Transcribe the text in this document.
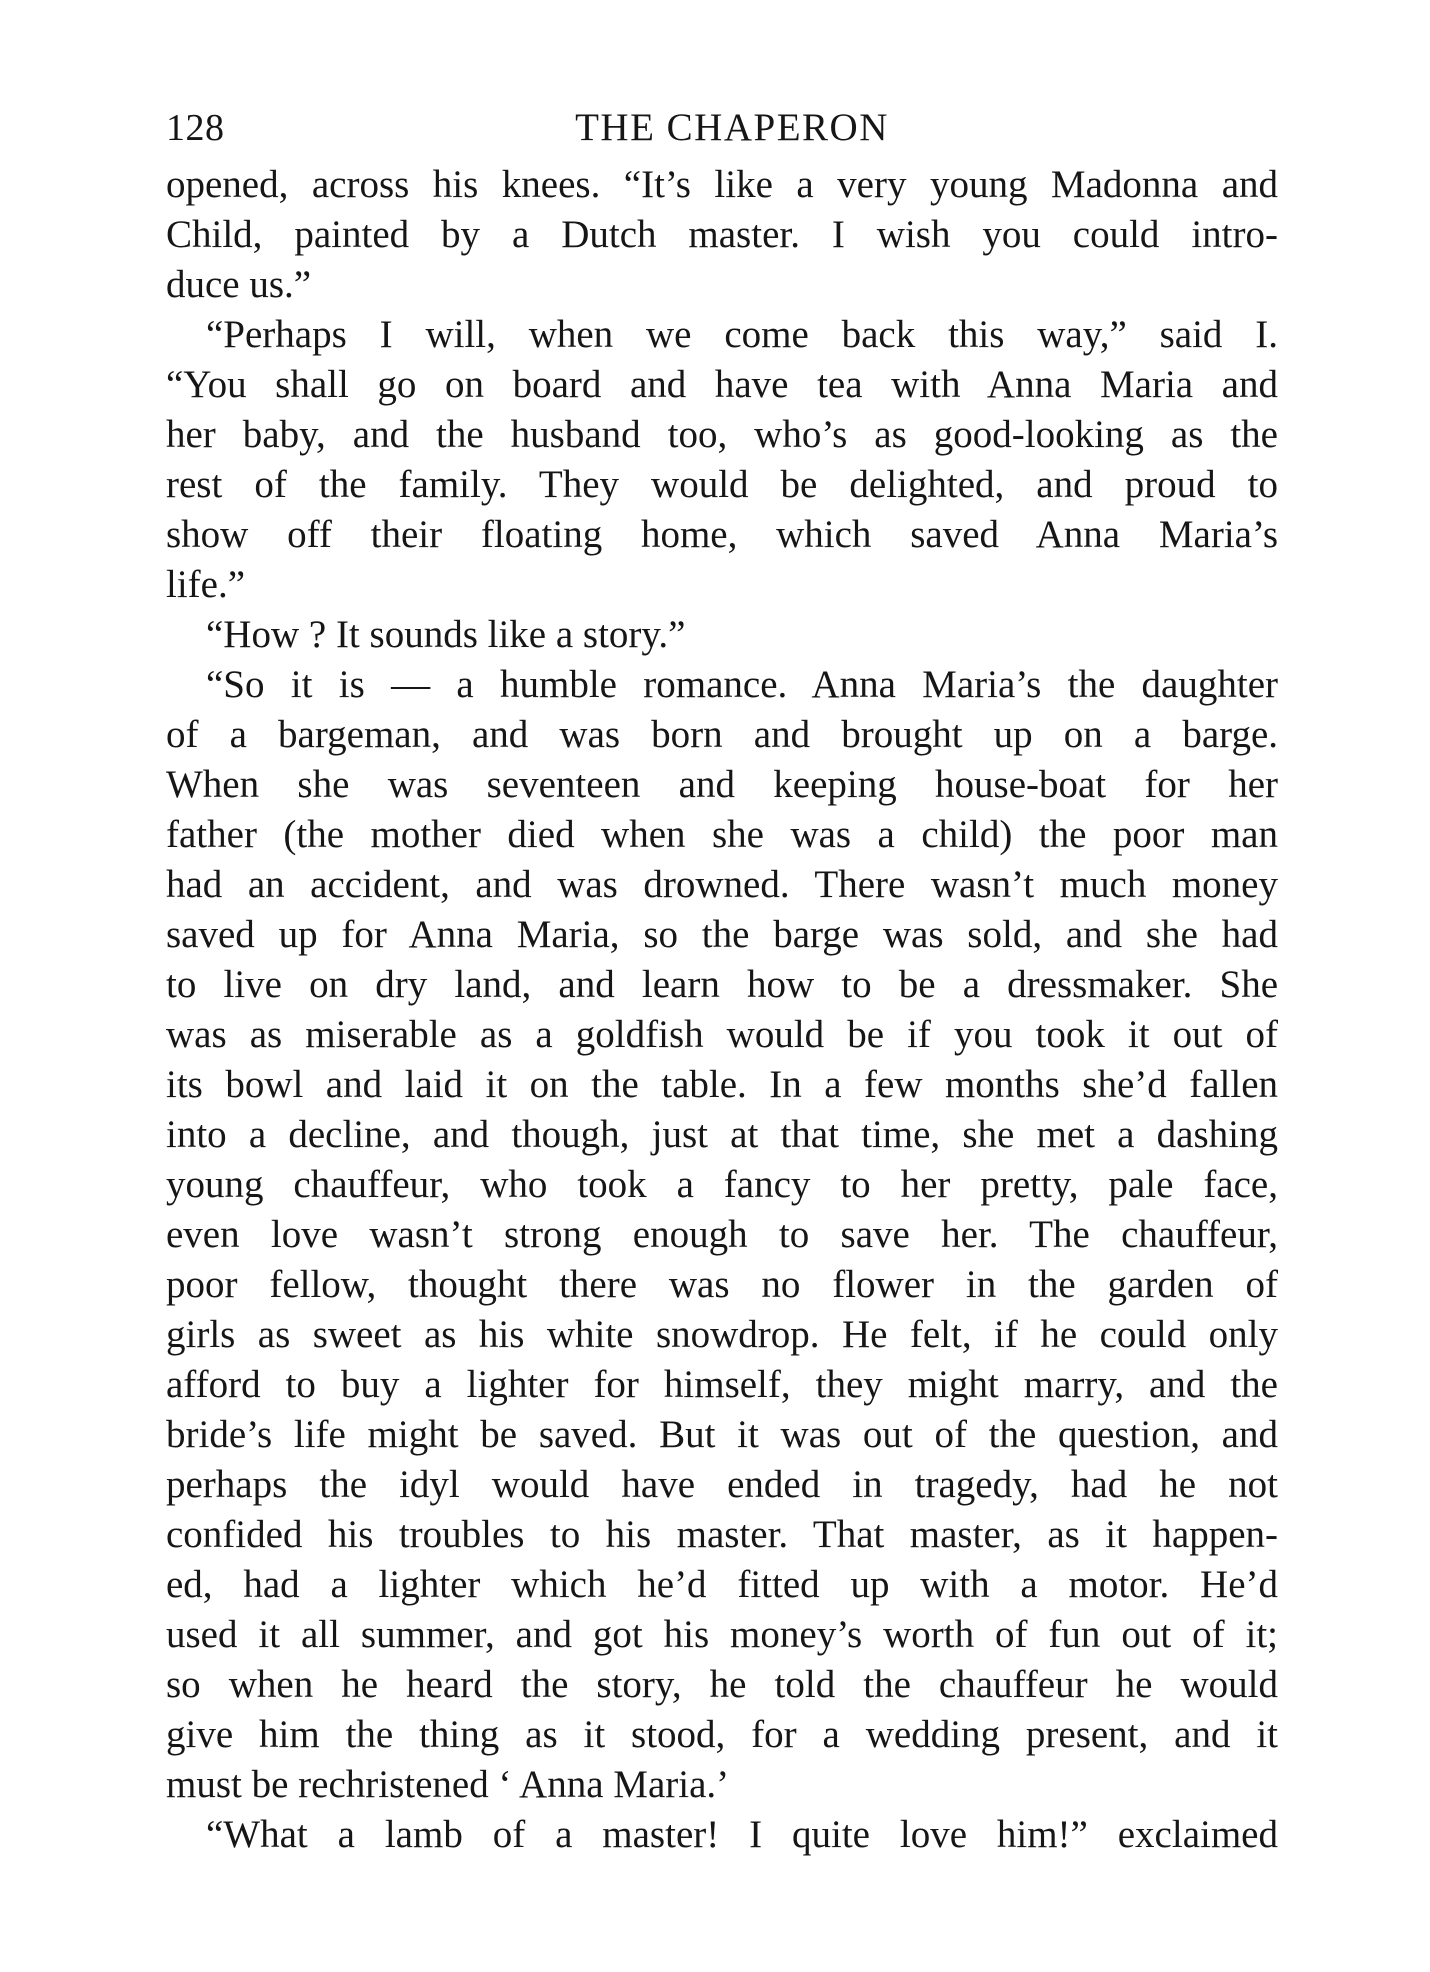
128	THE CHAPERON
opened, across his knees. “It’s like a very young Madonna and
Child, painted by a Dutch master. I wish you could intro-
duce us.”
“Perhaps I will, when we come back this way,” said I.
“You shall go on board and have tea with Anna Maria and
her baby, and the husband too, who’s as good-looking as the
rest of the family. They would be delighted, and proud to
show off their floating home, which saved Anna Maria’s
life.”
“How ? It sounds like a story.”
“So it is — a humble romance. Anna Maria’s the daughter
of a bargeman, and was born and brought up on a barge.
When she was seventeen and keeping house-boat for her
father (the mother died when she was a child) the poor man
had an accident, and was drowned. There wasn’t much money
saved up for Anna Maria, so the barge was sold, and she had
to live on dry land, and learn how to be a dressmaker. She
was as miserable as a goldfish would be if you took it out of
its bowl and laid it on the table. In a few months she’d fallen
into a decline, and though, just at that time, she met a dashing
young chauffeur, who took a fancy to her pretty, pale face,
even love wasn’t strong enough to save her. The chauffeur,
poor fellow, thought there was no flower in the garden of
girls as sweet as his white snowdrop. He felt, if he could only
afford to buy a lighter for himself, they might marry, and the
bride’s life might be saved. But it was out of the question, and
perhaps the idyl would have ended in tragedy, had he not
confided his troubles to his master. That master, as it happen-
ed, had a lighter which he’d fitted up with a motor. He’d
used it all summer, and got his money’s worth of fun out of it;
so when he heard the story, he told the chauffeur he would
give him the thing as it stood, for a wedding present, and it
must be rechristened ‘ Anna Maria.’
“What a lamb of a master! I quite love him!” exclaimed
